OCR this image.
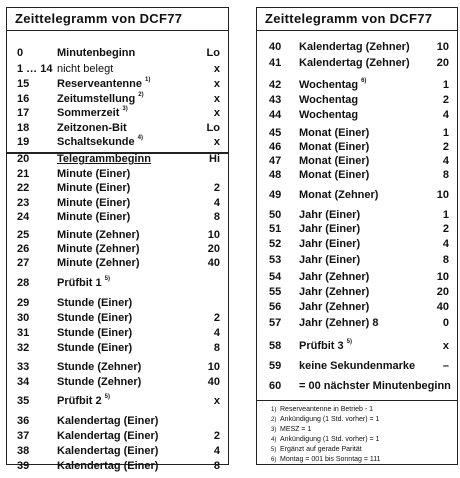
Zeittelegramm von DCF77
0	Minutenbeginn	Lo
1 … 14 nicht belegt	x
15	Reserveantenne $^{1)}$	x
16	Zeitumstellung $^{2)}$	x
17	Sommerzeit $^{3)}$	x
18	Zeitzonen-Bit	Lo
19	Schaltsekunde $^{4)}$	x
20	Telegrammbeginn	Hi
21	Minute (Einer)
22	Minute (Einer)	2
23	Minute (Einer)	4
24	Minute (Einer)	8
25	Minute (Zehner)	10
26	Minute (Zehner)	20
27	Minute (Zehner)	40
28	Prüfbit 1 $^{5)}$
29	Stunde (Einer)
30	Stunde (Einer)	2
31	Stunde (Einer)	4
32	Stunde (Einer)	8
33	Stunde (Zehner)	10
34	Stunde (Zehner)	40
35	Prüfbit 2 $^{5)}$	x
36	Kalendertag (Einer)
37	Kalendertag (Einer)	2
38	Kalendertag (Einer)	4
39	Kalendertag (Einer)	8
Zeittelegramm von DCF77
40	Kalendertag (Zehner) 10
41	Kalendertag (Zehner) 20
42	Wochentag $^{6)}$	1
43	Wochentag	2
44	Wochentag	4
45	Monat (Einer)	1
46	Monat (Einer)	2
47	Monat (Einer)	4
48	Monat (Einer)	8
49	Monat (Zehner)	10
50	Jahr (Einer)	1
51	Jahr (Einer)	2
52	Jahr (Einer)	4
53	Jahr (Einer)	8
54	Jahr (Zehner)	10
55	Jahr (Zehner)	20
56	Jahr (Zehner)	40
57	Jahr (Zehner) 8	0
58	Prüfbit 3 $^{5)}$	x
59	keine Sekundenmarke	–
60	= 00 nächster Minutenbeginn
1) Reserveantenne in Betrieb - 1
2) Ankündigung (1 Std. vorher) = 1
3) MESZ = 1
4) Ankündigung (1 Std. vorher) = 1
5) Ergänzt auf gerade Parität
6) Montag = 001 bis Sonntag = 111
